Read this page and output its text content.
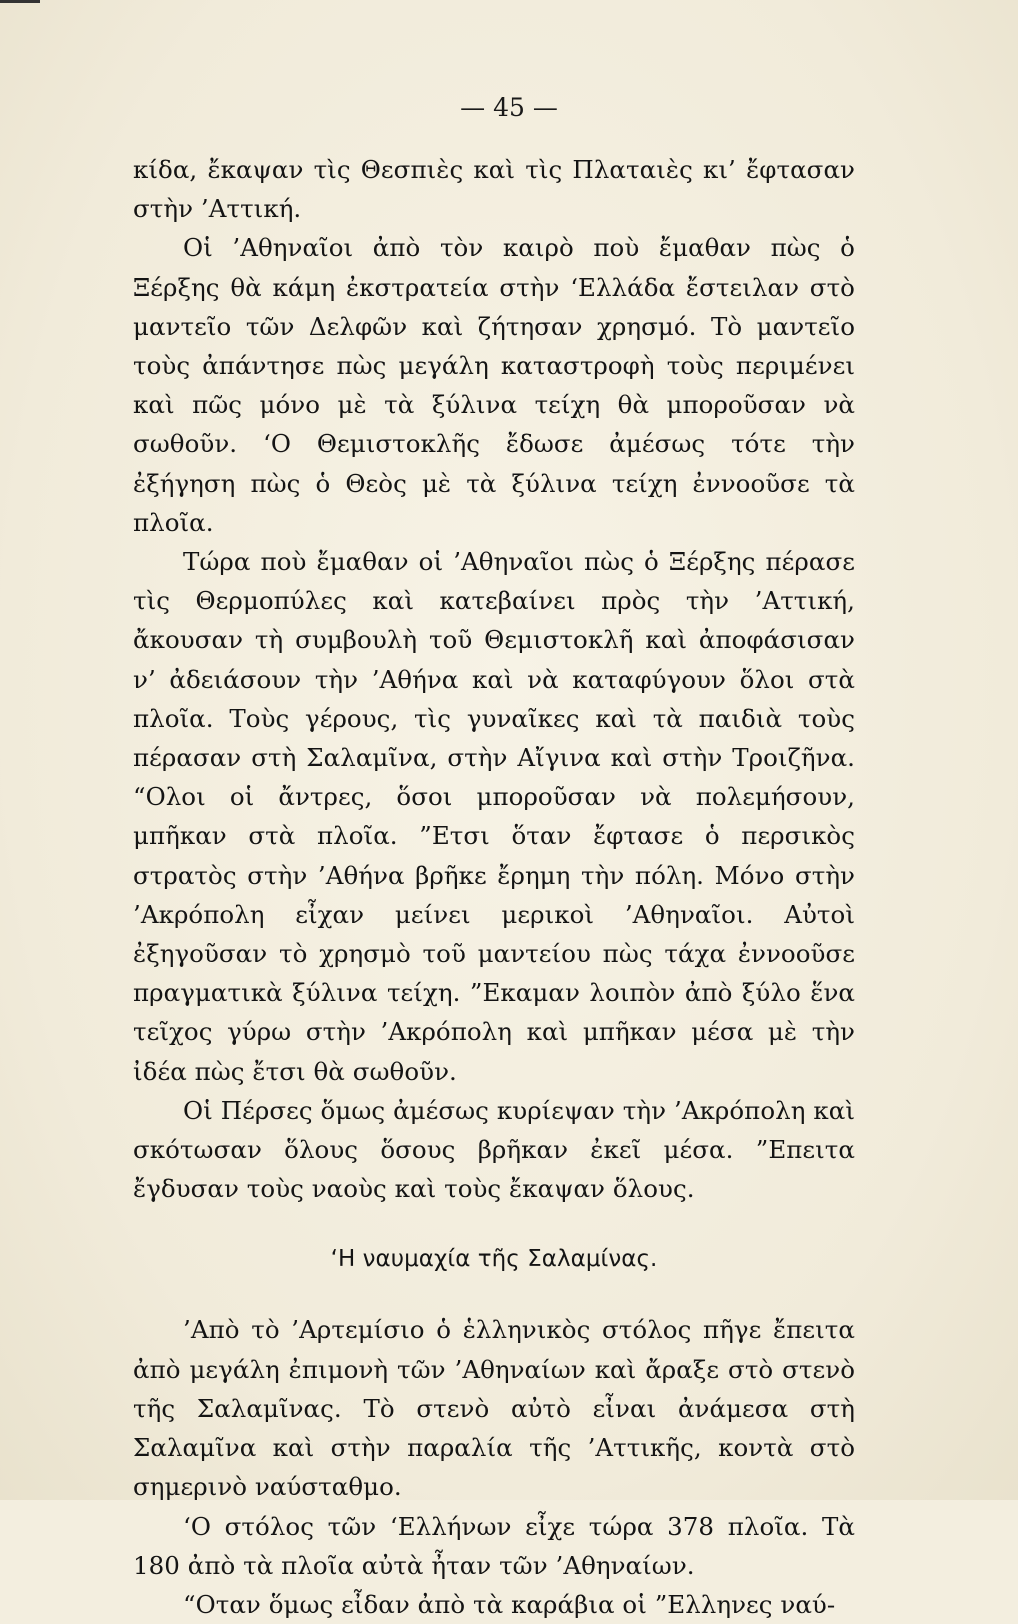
— 45 —

κίδα, ἔκαψαν τὶς Θεσπιὲς καὶ τὶς Πλαταιὲς κι’ ἔφτασαν στὴν ’Αττική.

Οἱ ’Αθηναῖοι ἀπὸ τὸν καιρὸ ποὺ ἔμαθαν πὼς ὁ Ξέρξης θὰ κάμη ἐκστρατεία στὴν ‘Ελλάδα ἔστειλαν στὸ μαντεῖο τῶν Δελφῶν καὶ ζήτησαν χρησμό. Τὸ μαντεῖο τοὺς ἀπάντησε πὼς μεγάλη καταστροφὴ τοὺς περιμένει καὶ πῶς μόνο μὲ τὰ ξύλινα τείχη θὰ μποροῦσαν νὰ σωθοῦν. ‘Ο Θεμιστοκλῆς ἔδωσε ἀμέσως τότε τὴν ἐξήγηση πὼς ὁ Θεὸς μὲ τὰ ξύλινα τείχη ἐννοοῦσε τὰ πλοῖα.

Τώρα ποὺ ἔμαθαν οἱ ’Αθηναῖοι πὼς ὁ Ξέρξης πέρασε τὶς Θερμοπύλες καὶ κατεβαίνει πρὸς τὴν ’Αττική, ἄκουσαν τὴ συμβουλὴ τοῦ Θεμιστοκλῆ καὶ ἀποφάσισαν ν’ ἀδειάσουν τὴν ’Αθήνα καὶ νὰ καταφύγουν ὅλοι στὰ πλοῖα. Τοὺς γέρους, τὶς γυναῖκες καὶ τὰ παιδιὰ τοὺς πέρασαν στὴ Σαλαμῖνα, στὴν Αἴγινα καὶ στὴν Τροιζῆνα. “Ολοι οἱ ἄντρες, ὅσοι μποροῦσαν νὰ πολεμήσουν, μπῆκαν στὰ πλοῖα. ”Ετσι ὅταν ἔφτασε ὁ περσικὸς στρατὸς στὴν ’Αθήνα βρῆκε ἔρημη τὴν πόλη. Μόνο στὴν ’Ακρόπολη εἶχαν μείνει μερικοὶ ’Αθηναῖοι. Αὐτοὶ ἐξηγοῦσαν τὸ χρησμὸ τοῦ μαντείου πὼς τάχα ἐννοοῦσε πραγματικὰ ξύλινα τείχη. ”Εκαμαν λοιπὸν ἀπὸ ξύλο ἕνα τεῖχος γύρω στὴν ’Ακρόπολη καὶ μπῆκαν μέσα μὲ τὴν ἰδέα πὼς ἔτσι θὰ σωθοῦν.

Οἱ Πέρσες ὅμως ἀμέσως κυρίεψαν τὴν ’Ακρόπολη καὶ σκότωσαν ὅλους ὅσους βρῆκαν ἐκεῖ μέσα. ”Επειτα ἔγδυσαν τοὺς ναοὺς καὶ τοὺς ἔκαψαν ὅλους.

‘Η ναυμαχία τῆς Σαλαμίνας.

’Απὸ τὸ ’Αρτεμίσιο ὁ ἑλληνικὸς στόλος πῆγε ἔπειτα ἀπὸ μεγάλη ἐπιμονὴ τῶν ’Αθηναίων καὶ ἄραξε στὸ στενὸ τῆς Σαλαμῖνας. Τὸ στενὸ αὐτὸ εἶναι ἀνάμεσα στὴ Σαλαμῖνα καὶ στὴν παραλία τῆς ’Αττικῆς, κοντὰ στὸ σημερινὸ ναύσταθμο.

‘Ο στόλος τῶν ‘Ελλήνων εἶχε τώρα 378 πλοῖα. Τὰ 180 ἀπὸ τὰ πλοῖα αὐτὰ ἦταν τῶν ’Αθηναίων.

“Οταν ὅμως εἶδαν ἀπὸ τὰ καράβια οἱ ”Ελληνες ναύ-
